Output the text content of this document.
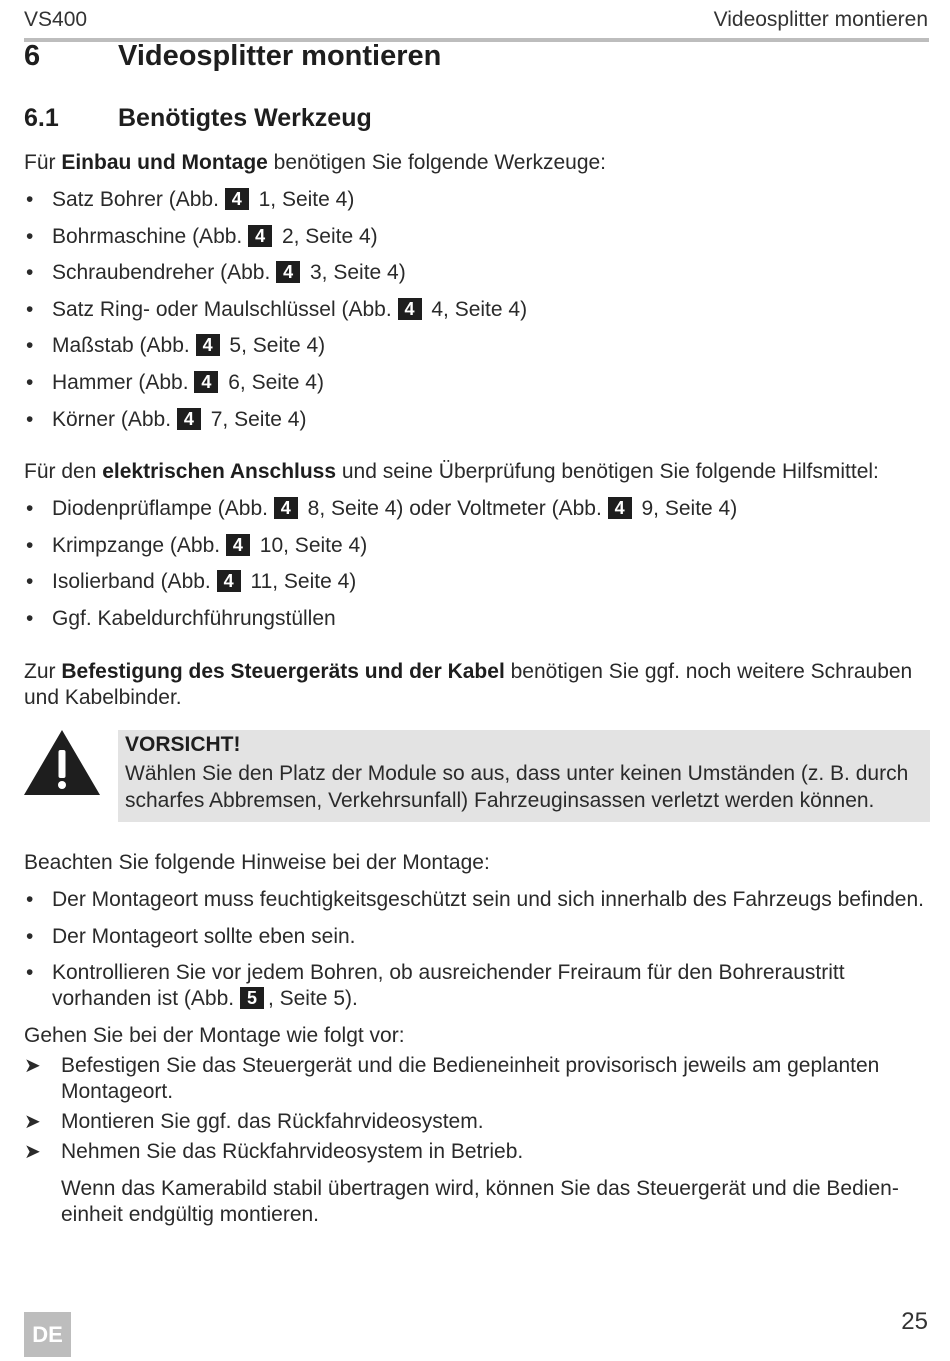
VS400	Videosplitter montieren
6	Videosplitter montieren
6.1 Benötigtes Werkzeug
Für Einbau und Montage benötigen Sie folgende Werkzeuge:
• Satz Bohrer (Abb. 4 1, Seite 4)
• Bohrmaschine (Abb. 4 2, Seite 4)
• Schraubendreher (Abb. 4 3, Seite 4)
• Satz Ring- oder Maulschlüssel (Abb. 4 4, Seite 4)
• Maßstab (Abb. 4 5, Seite 4)
• Hammer (Abb. 4 6, Seite 4)
• Körner (Abb. 4 7, Seite 4)
Für den elektrischen Anschluss und seine Überprüfung benötigen Sie folgende Hilfsmittel:
• Diodenprüflampe (Abb. 4 8, Seite 4) oder Voltmeter (Abb. 4 9, Seite 4)
• Krimpzange (Abb. 4 10, Seite 4)
• Isolierband (Abb. 4 11, Seite 4)
• Ggf. Kabeldurchführungstüllen
Zur Befestigung des Steuergeräts und der Kabel benötigen Sie ggf. noch weitere Schrauben und Kabelbinder.
VORSICHT!
Wählen Sie den Platz der Module so aus, dass unter keinen Umständen (z. B. durch scharfes Abbremsen, Verkehrsunfall) Fahrzeuginsassen verletzt werden können.
Beachten Sie folgende Hinweise bei der Montage:
• Der Montageort muss feuchtigkeitsgeschützt sein und sich innerhalb des Fahrzeugs befinden.
• Der Montageort sollte eben sein.
• Kontrollieren Sie vor jedem Bohren, ob ausreichender Freiraum für den Bohreraustritt vorhanden ist (Abb. 5 , Seite 5).
Gehen Sie bei der Montage wie folgt vor:
➤ Befestigen Sie das Steuergerät und die Bedieneinheit provisorisch jeweils am geplanten Montageort.
➤ Montieren Sie ggf. das Rückfahrvideosystem.
➤ Nehmen Sie das Rückfahrvideosystem in Betrieb.
Wenn das Kamerabild stabil übertragen wird, können Sie das Steuergerät und die Bedieneinheit endgültig montieren.
DE	25
